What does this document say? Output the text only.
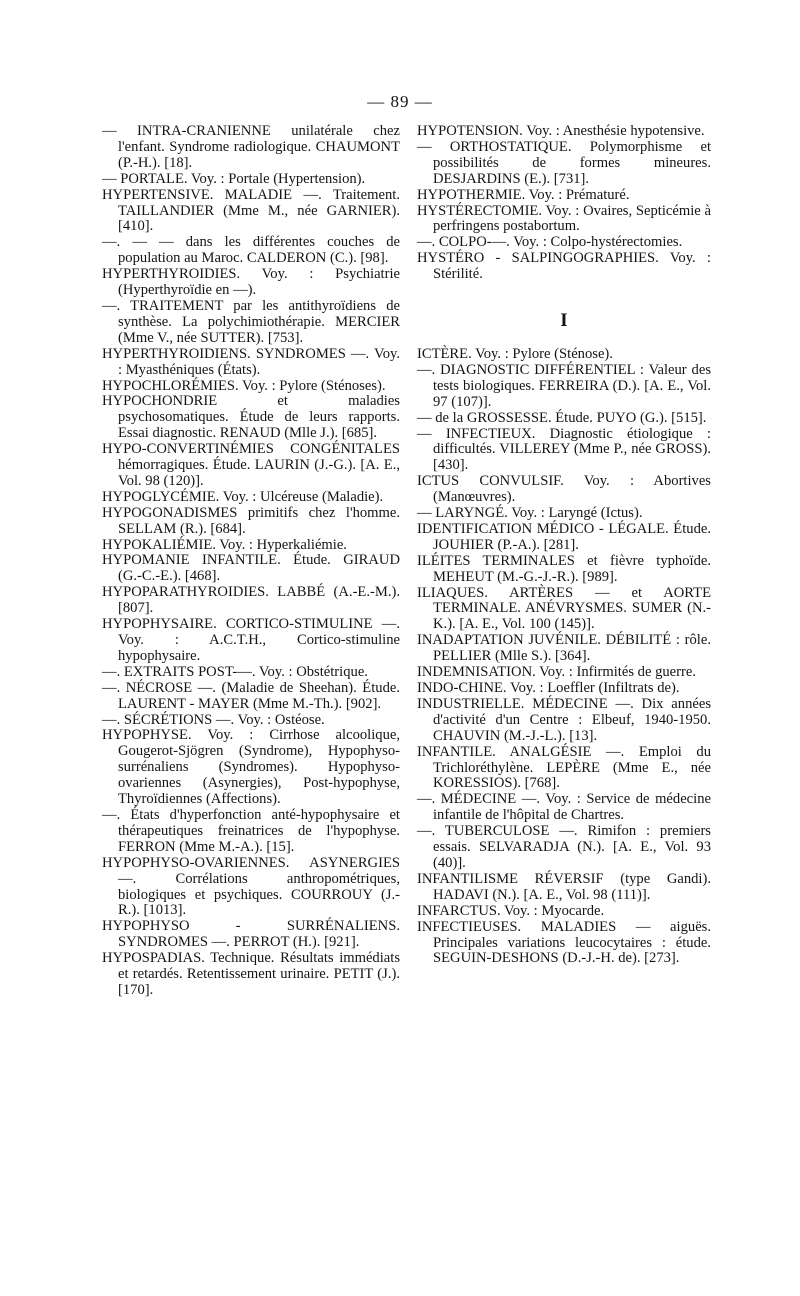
— 89 —

— INTRA-CRANIENNE unilatérale chez l'enfant. Syndrome radiologique. CHAUMONT (P.-H.). [18].

— PORTALE. Voy. : Portale (Hypertension).

HYPERTENSIVE. MALADIE —. Traitement. TAILLANDIER (Mme M., née GARNIER). [410].

—. — — dans les différentes couches de population au Maroc. CALDERON (C.). [98].

HYPERTHYROIDIES. Voy. : Psychiatrie (Hyperthyroïdie en —).

—. TRAITEMENT par les antithyroïdiens de synthèse. La polychimiothérapie. MERCIER (Mme V., née SUTTER). [753].

HYPERTHYROIDIENS. SYNDROMES —. Voy. : Myasthéniques (États).

HYPOCHLORÉMIES. Voy. : Pylore (Sténoses).

HYPOCHONDRIE et maladies psychosomatiques. Étude de leurs rapports. Essai diagnostic. RENAUD (Mlle J.). [685].

HYPO-CONVERTINÉMIES CONGÉNITALES hémorragiques. Étude. LAURIN (J.-G.). [A. E., Vol. 98 (120)].

HYPOGLYCÉMIE. Voy. : Ulcéreuse (Maladie).

HYPOGONADISMES primitifs chez l'homme. SELLAM (R.). [684].

HYPOKALIÉMIE. Voy. : Hyperkaliémie.

HYPOMANIE INFANTILE. Étude. GIRAUD (G.-C.-E.). [468].

HYPOPARATHYROIDIES. LABBÉ (A.-E.-M.). [807].

HYPOPHYSAIRE. CORTICO-STIMULINE —. Voy. : A.C.T.H., Cortico-stimuline hypophysaire.

—. EXTRAITS POST-—. Voy. : Obstétrique.

—. NÉCROSE —. (Maladie de Sheehan). Étude. LAURENT - MAYER (Mme M.-Th.). [902].

—. SÉCRÉTIONS —. Voy. : Ostéose.

HYPOPHYSE. Voy. : Cirrhose alcoolique, Gougerot-Sjögren (Syndrome), Hypophyso-surrénaliens (Syndromes). Hypophyso-ovariennes (Asynergies), Post-hypophyse, Thyroïdiennes (Affections).

—. États d'hyperfonction anté-hypophysaire et thérapeutiques freinatrices de l'hypophyse. FERRON (Mme M.-A.). [15].

HYPOPHYSO-OVARIENNES. ASYNERGIES —. Corrélations anthropométriques, biologiques et psychiques. COURROUY (J.-R.). [1013].

HYPOPHYSO - SURRÉNALIENS. SYNDROMES —. PERROT (H.). [921].

HYPOSPADIAS. Technique. Résultats immédiats et retardés. Retentissement urinaire. PETIT (J.). [170].

HYPOTENSION. Voy. : Anesthésie hypotensive.

— ORTHOSTATIQUE. Polymorphisme et possibilités de formes mineures. DESJARDINS (E.). [731].

HYPOTHERMIE. Voy. : Prématuré.

HYSTÉRECTOMIE. Voy. : Ovaires, Septicémie à perfringens postabortum.

—. COLPO-—. Voy. : Colpo-hystérectomies.

HYSTÉRO - SALPINGOGRAPHIES. Voy. : Stérilité.

I

ICTÈRE. Voy. : Pylore (Sténose).

—. DIAGNOSTIC DIFFÉRENTIEL : Valeur des tests biologiques. FERREIRA (D.). [A. E., Vol. 97 (107)].

— de la GROSSESSE. Étude. PUYO (G.). [515].

— INFECTIEUX. Diagnostic étiologique : difficultés. VILLEREY (Mme P., née GROSS). [430].

ICTUS CONVULSIF. Voy. : Abortives (Manœuvres).

— LARYNGÉ. Voy. : Laryngé (Ictus).

IDENTIFICATION MÉDICO - LÉGALE. Étude. JOUHIER (P.-A.). [281].

ILÉITES TERMINALES et fièvre typhoïde. MEHEUT (M.-G.-J.-R.). [989].

ILIAQUES. ARTÈRES — et AORTE TERMINALE. ANÉVRYSMES. SUMER (N.-K.). [A. E., Vol. 100 (145)].

INADAPTATION JUVÉNILE. DÉBILITÉ : rôle. PELLIER (Mlle S.). [364].

INDEMNISATION. Voy. : Infirmités de guerre.

INDO-CHINE. Voy. : Loeffler (Infiltrats de).

INDUSTRIELLE. MÉDECINE —. Dix années d'activité d'un Centre : Elbeuf, 1940-1950. CHAUVIN (M.-J.-L.). [13].

INFANTILE. ANALGÉSIE —. Emploi du Trichloréthylène. LEPÈRE (Mme E., née KORESSIOS). [768].

—. MÉDECINE —. Voy. : Service de médecine infantile de l'hôpital de Chartres.

—. TUBERCULOSE —. Rimifon : premiers essais. SELVARADJA (N.). [A. E., Vol. 93 (40)].

INFANTILISME RÉVERSIF (type Gandi). HADAVI (N.). [A. E., Vol. 98 (111)].

INFARCTUS. Voy. : Myocarde.

INFECTIEUSES. MALADIES — aiguës. Principales variations leucocytaires : étude. SEGUIN-DESHONS (D.-J.-H. de). [273].
